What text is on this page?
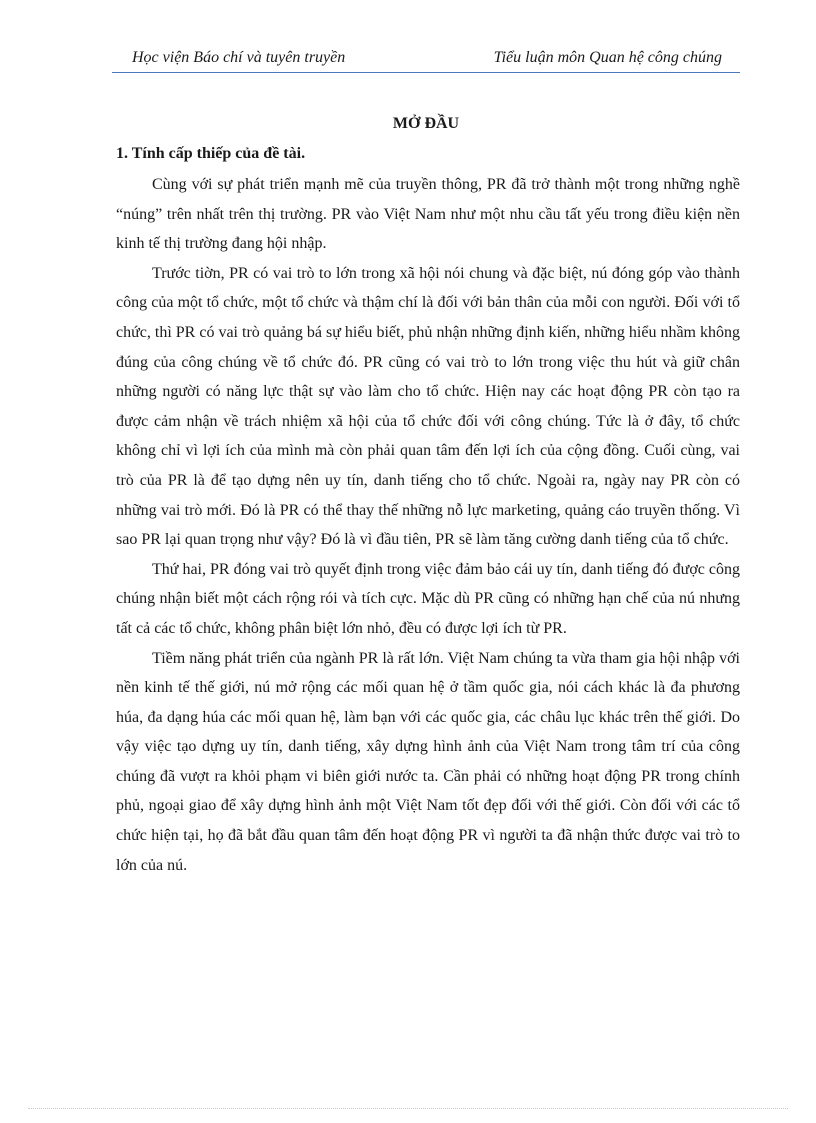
Học viện Báo chí và tuyên truyền	Tiểu luận môn Quan hệ công chúng
MỞ ĐẦU
1. Tính cấp thiếp của đề tài.

Cùng với sự phát triển mạnh mẽ của truyền thông, PR đã trở thành một trong những nghề “núng” trên nhất trên thị trường. PR vào Việt Nam như một nhu cầu tất yếu trong điều kiện nền kinh tế thị trường đang hội nhập.

Trước tiờn, PR có vai trò to lớn trong xã hội nói chung và đặc biệt, nú đóng góp vào thành công của một tổ chức, một tổ chức và thậm chí là đối với bản thân của mỗi con người. Đối với tổ chức, thì PR có vai trò quảng bá sự hiểu biết, phủ nhận những định kiến, những hiểu nhầm không đúng của công chúng về tổ chức đó. PR cũng có vai trò to lớn trong việc thu hút và giữ chân những người có năng lực thật sự vào làm cho tổ chức. Hiện nay các hoạt động PR còn tạo ra được cảm nhận về trách nhiệm xã hội của tổ chức đối với công chúng. Tức là ở đây, tổ chức không chỉ vì lợi ích của mình mà còn phải quan tâm đến lợi ích của cộng đồng. Cuối cùng, vai trò của PR là để tạo dựng nên uy tín, danh tiếng cho tổ chức. Ngoài ra, ngày nay PR còn có những vai trò mới. Đó là PR có thể thay thế những nỗ lực marketing, quảng cáo truyền thống. Vì sao PR lại quan trọng như vậy? Đó là vì đầu tiên, PR sẽ làm tăng cường danh tiếng của tổ chức.

Thứ hai, PR đóng vai trò quyết định trong việc đảm bảo cái uy tín, danh tiếng đó được công chúng nhận biết một cách rộng rói và tích cực. Mặc dù PR cũng có những hạn chế của nú nhưng tất cả các tổ chức, không phân biệt lớn nhỏ, đều có được lợi ích từ PR.

Tiềm năng phát triển của ngành PR là rất lớn. Việt Nam chúng ta vừa tham gia hội nhập với nền kinh tế thế giới, nú mở rộng các mối quan hệ ở tầm quốc gia, nói cách khác là đa phương húa, đa dạng húa các mối quan hệ, làm bạn với các quốc gia, các châu lục khác trên thế giới. Do vậy việc tạo dựng uy tín, danh tiếng, xây dựng hình ảnh của Việt Nam trong tâm trí của công chúng đã vượt ra khỏi phạm vi biên giới nước ta. Cần phải có những hoạt động PR trong chính phủ, ngoại giao để xây dựng hình ảnh một Việt Nam tốt đẹp đối với thế giới. Còn đối với các tổ chức hiện tại, họ đã bắt đầu quan tâm đến hoạt động PR vì người ta đã nhận thức được vai trò to lớn của nú.
